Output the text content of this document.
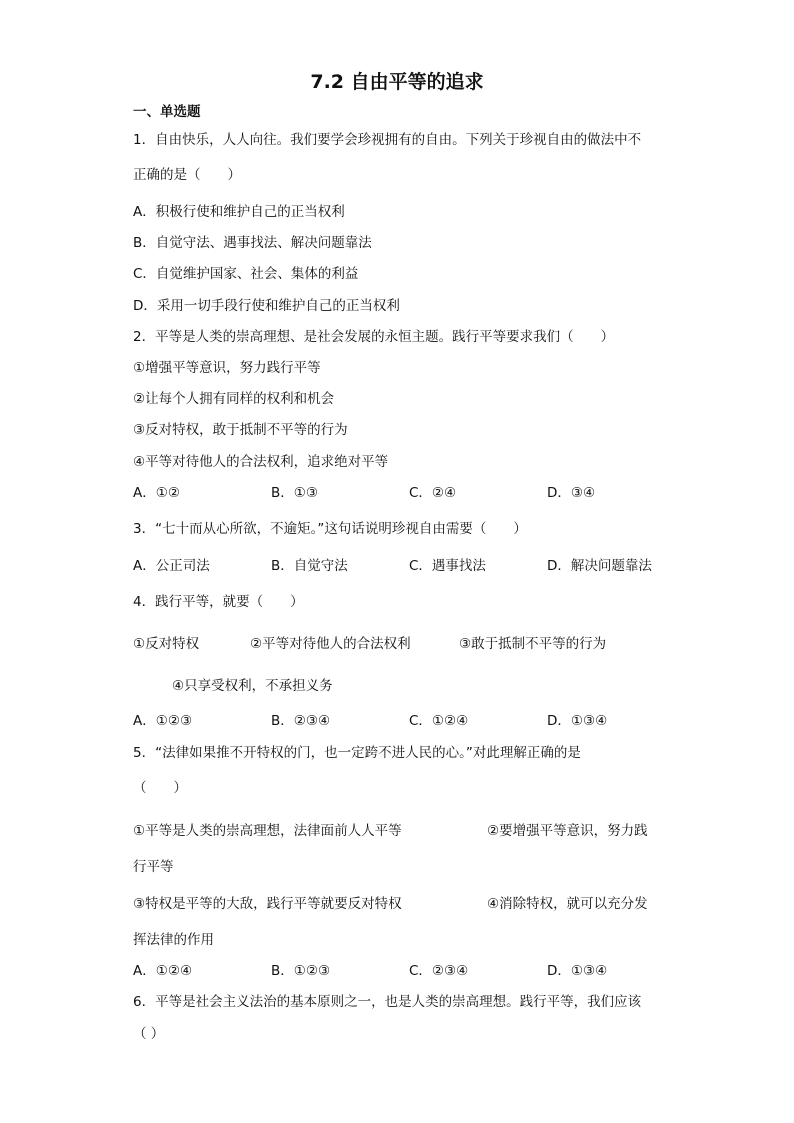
7.2 自由平等的追求
一、单选题
1．自由快乐，人人向往。我们要学会珍视拥有的自由。下列关于珍视自由的做法中不
正确的是（　　）
A．积极行使和维护自己的正当权利
B．自觉守法、遇事找法、解决问题靠法
C．自觉维护国家、社会、集体的利益
D．采用一切手段行使和维护自己的正当权利
2．平等是人类的崇高理想、是社会发展的永恒主题。践行平等要求我们（　　）
①增强平等意识，努力践行平等
②让每个人拥有同样的权利和机会
③反对特权，敢于抵制不平等的行为
④平等对待他人的合法权利，追求绝对平等
A．①②	B．①③	C．②④	D．③④
3．“七十而从心所欲，不逾矩。”这句话说明珍视自由需要（　　）
A．公正司法	B．自觉守法	C．遇事找法	D．解决问题靠法
4．践行平等，就要（　　）
①反对特权	②平等对待他人的合法权利	③敢于抵制不平等的行为
④只享受权利，不承担义务
A．①②③	B．②③④	C．①②④	D．①③④
5．“法律如果推不开特权的门，也一定跨不进人民的心。”对此理解正确的是
（　　）
①平等是人类的崇高理想，法律面前人人平等	②要增强平等意识，努力践
行平等
③特权是平等的大敌，践行平等就要反对特权	④消除特权，就可以充分发
挥法律的作用
A．①②④	B．①②③	C．②③④	D．①③④
6．平等是社会主义法治的基本原则之一，也是人类的崇高理想。践行平等，我们应该
（ ）
